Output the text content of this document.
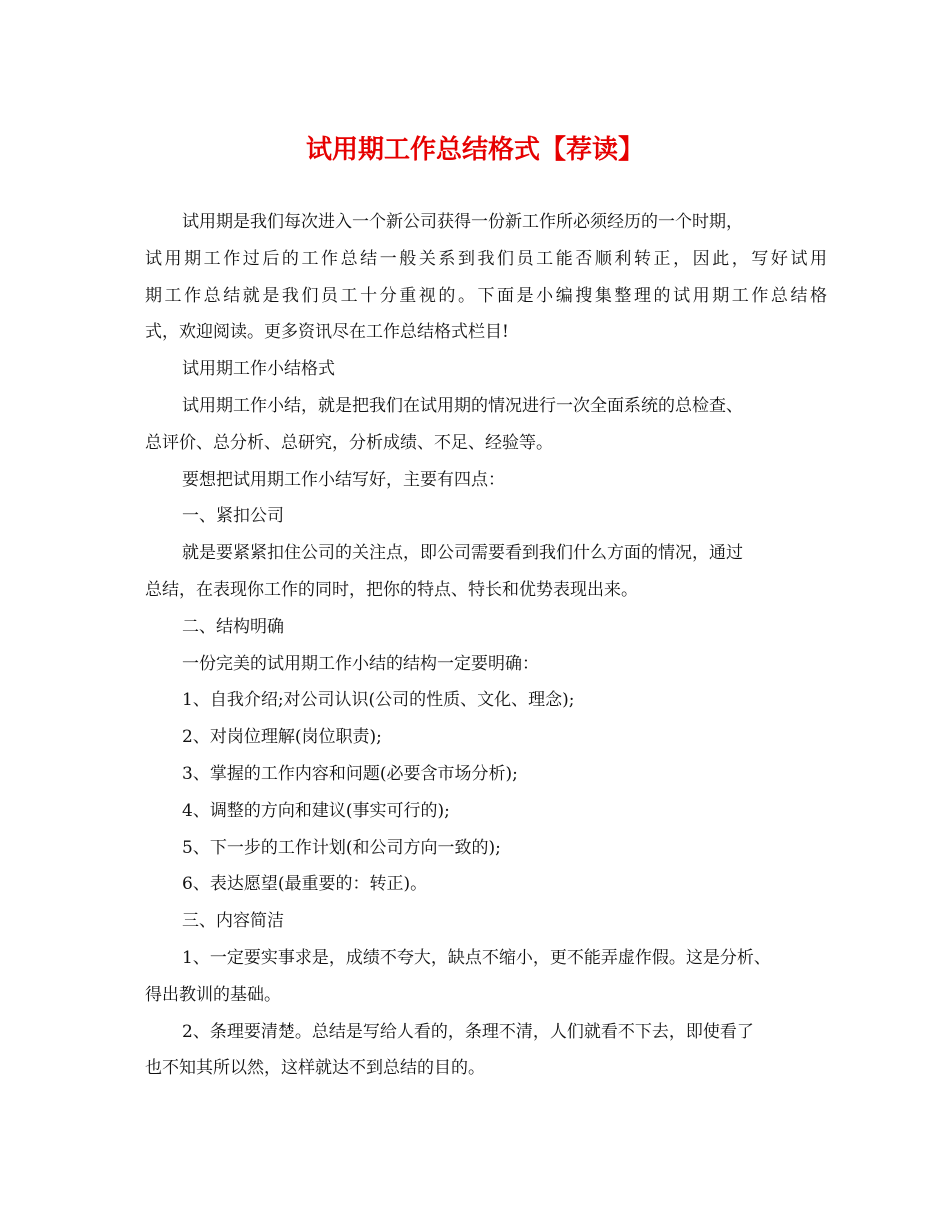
试用期工作总结格式【荐读】
试用期是我们每次进入一个新公司获得一份新工作所必须经历的一个时期，
试用期工作过后的工作总结一般关系到我们员工能否顺利转正，因此，写好试用
期工作总结就是我们员工十分重视的。下面是小编搜集整理的试用期工作总结格
式，欢迎阅读。更多资讯尽在工作总结格式栏目!
试用期工作小结格式
试用期工作小结，就是把我们在试用期的情况进行一次全面系统的总检查、
总评价、总分析、总研究，分析成绩、不足、经验等。
要想把试用期工作小结写好，主要有四点：
一、紧扣公司
就是要紧紧扣住公司的关注点，即公司需要看到我们什么方面的情况，通过
总结，在表现你工作的同时，把你的特点、特长和优势表现出来。
二、结构明确
一份完美的试用期工作小结的结构一定要明确：
1、自我介绍;对公司认识(公司的性质、文化、理念);
2、对岗位理解(岗位职责);
3、掌握的工作内容和问题(必要含市场分析);
4、调整的方向和建议(事实可行的);
5、下一步的工作计划(和公司方向一致的);
6、表达愿望(最重要的：转正)。
三、内容简洁
1、一定要实事求是，成绩不夸大，缺点不缩小，更不能弄虚作假。这是分析、
得出教训的基础。
2、条理要清楚。总结是写给人看的，条理不清，人们就看不下去，即使看了
也不知其所以然，这样就达不到总结的目的。
